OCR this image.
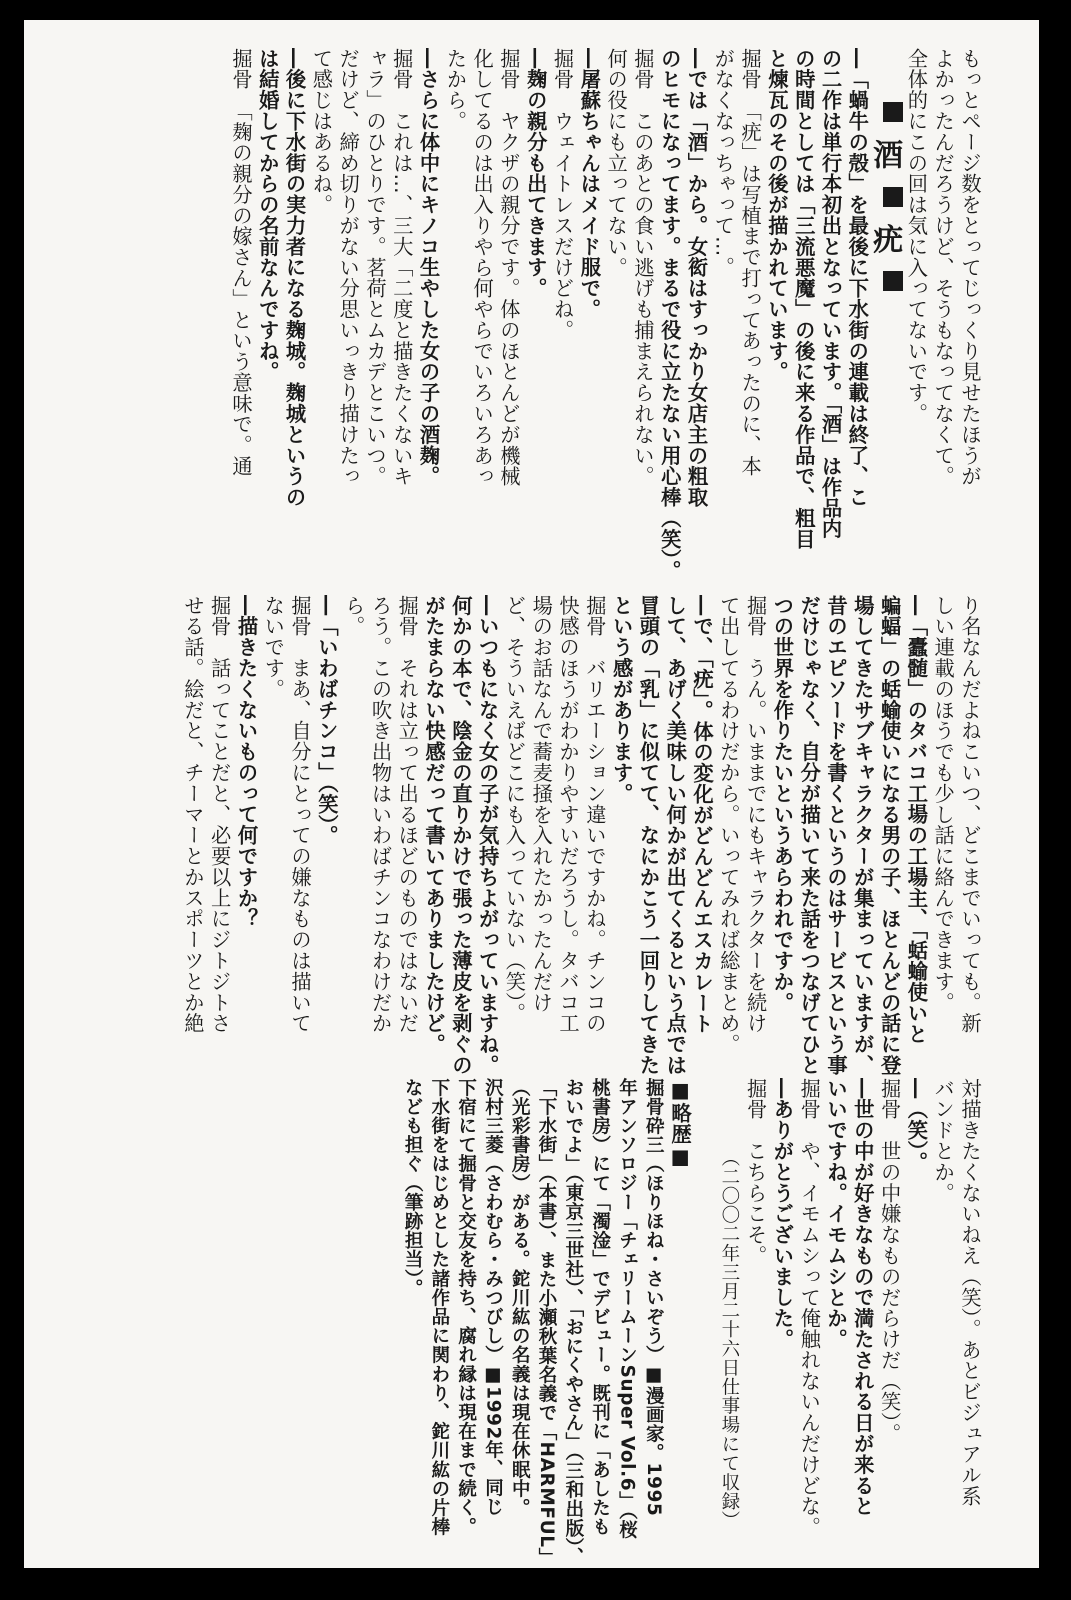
もっとページ数をとってじっくり見せたほうが
よかったんだろうけど、そうもなってなくて。
全体的にこの回は気に入ってないです。
酒  疣
―「蝸牛の殻」を最後に下水街の連載は終了、こ
の二作は単行本初出となっています。「酒」は作品内
の時間としては「三流悪魔」の後に来る作品で、粗目
と煉瓦のその後が描かれています。
掘骨　「疣」は写植まで打ってあったのに、本
がなくなっちゃって…。
―では「酒」から。女衒はすっかり女店主の粗取
のヒモになってます。まるで役に立たない用心棒（笑）。
掘骨　このあとの食い逃げも捕まえられない。
何の役にも立ってない。
―屠蘇ちゃんはメイド服で。
掘骨　ウェイトレスだけどね。
―麹の親分も出てきます。
掘骨　ヤクザの親分です。体のほとんどが機械
化してるのは出入りやら何やらでいろいろあっ
たから。
―さらに体中にキノコ生やした女の子の酒麹。
掘骨　これは…、三大「二度と描きたくないキ
ャラ」のひとりです。茗荷とムカデとこいつ。
だけど、締め切りがない分思いっきり描けたっ
て感じはあるね。
―後に下水街の実力者になる麹城。麹城というの
は結婚してからの名前なんですね。
掘骨　「麹の親分の嫁さん」という意味で。通
り名なんだよねこいつ、どこまでいっても。新
しい連載のほうでも少し話に絡んできます。
―「蠹髄」のタバコ工場の工場主、「蛞蝓使いと
蝙蝠」の蛞蝓使いになる男の子、ほとんどの話に登
場してきたサブキャラクターが集まっていますが、
昔のエピソードを書くというのはサービスという事
だけじゃなく、自分が描いて来た話をつなげてひと
つの世界を作りたいというあらわれですか。
掘骨　うん。いままでにもキャラクターを続け
て出してるわけだから。いってみれば総まとめ。
―で、「疣」。体の変化がどんどんエスカレート
して、あげく美味しい何かが出てくるという点では
冒頭の「乳」に似てて、なにかこう一回りしてきた
という感があります。
掘骨　バリエーション違いですかね。チンコの
快感のほうがわかりやすいだろうし。タバコ工
場のお話なんで蕎麦掻を入れたかったんだけ
ど、そういえばどこにも入っていない（笑）。
―いつもになく女の子が気持ちよがっていますね。
何かの本で、陰金の直りかけで張った薄皮を剥ぐの
がたまらない快感だって書いてありましたけど。
掘骨　それは立って出るほどのものではないだ
ろう。この吹き出物はいわばチンコなわけだか
ら。
―「いわばチンコ」（笑）。
掘骨　まあ、自分にとっての嫌なものは描いて
ないです。
―描きたくないものって何ですか？
掘骨　話ってことだと、必要以上にジトジトさ
せる話。絵だと、チーマーとかスポーツとか絶
対描きたくないねえ（笑）。あとビジュアル系
バンドとか。
―（笑）。
掘骨　世の中嫌なものだらけだ（笑）。
―世の中が好きなもので満たされる日が来ると
いいですね。イモムシとか。
掘骨　や、イモムシって俺触れないんだけどな。
―ありがとうございました。
掘骨　こちらこそ。
（二〇〇二年三月二十六日仕事場にて収録）
■略歴■
掘骨砕三（ほりほね・さいぞう）■漫画家。1995
年アンソロジー「チェリームーンSuper Vol.6」（桜
桃書房）にて「濁淦」でデビュー。既刊に「あしたも
おいでよ」（東京三世社）、「おにくやさん」（三和出版）、
「下水街」（本書）、また小瀬秋葉名義で「HARMFUL」
（光彩書房）がある。鉈川紘の名義は現在休眠中。
沢村三菱（さわむら・みつびし）■1992年、同じ
下宿にて掘骨と交友を持ち、腐れ縁は現在まで続く。
下水街をはじめとした諸作品に関わり、鉈川紘の片棒
なども担ぐ（筆跡担当）。
